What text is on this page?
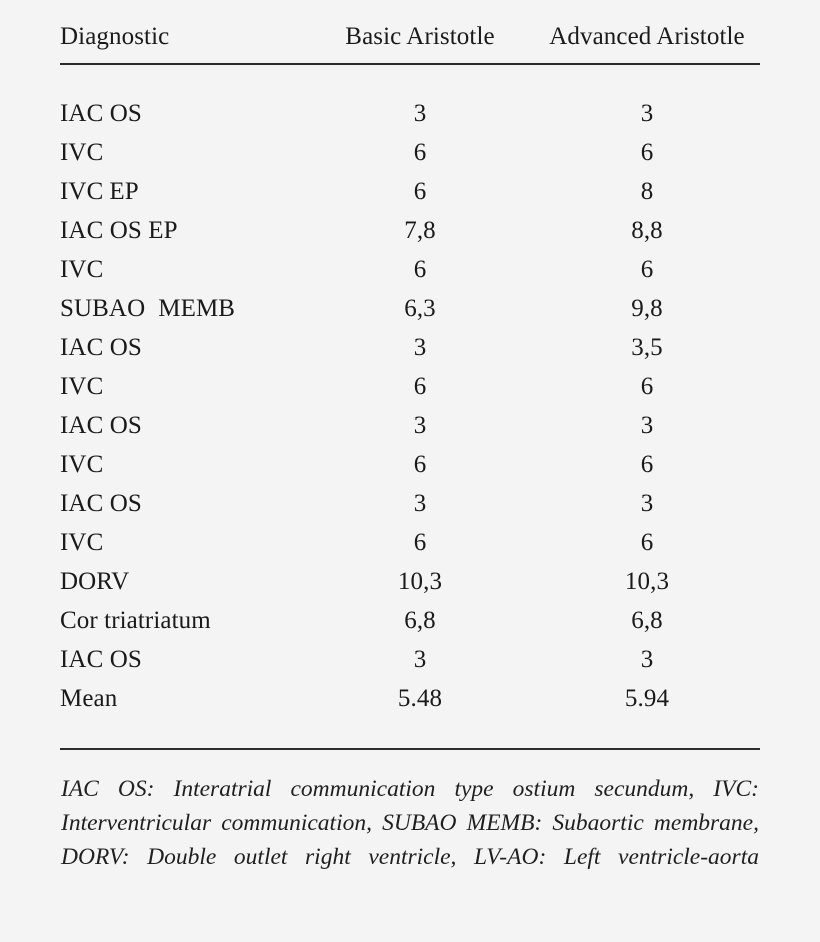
Diagnostic	Basic Aristotle	Advanced Aristotle
IAC OS	3	3
IVC	6	6
IVC EP	6	8
IAC OS EP	7,8	8,8
IVC	6	6
SUBAO MEMB	6,3	9,8
IAC OS	3	3,5
IVC	6	6
IAC OS	3	3
IVC	6	6
IAC OS	3	3
IVC	6	6
DORV	10,3	10,3
Cor triatriatum	6,8	6,8
IAC OS	3	3
Mean	5.48	5.94
IAC OS: Interatrial communication type ostium secundum, IVC: Interventricular communication, SUBAO MEMB: Subaortic membrane, DORV: Double outlet right ventricle, LV-AO: Left ventricle-aorta
